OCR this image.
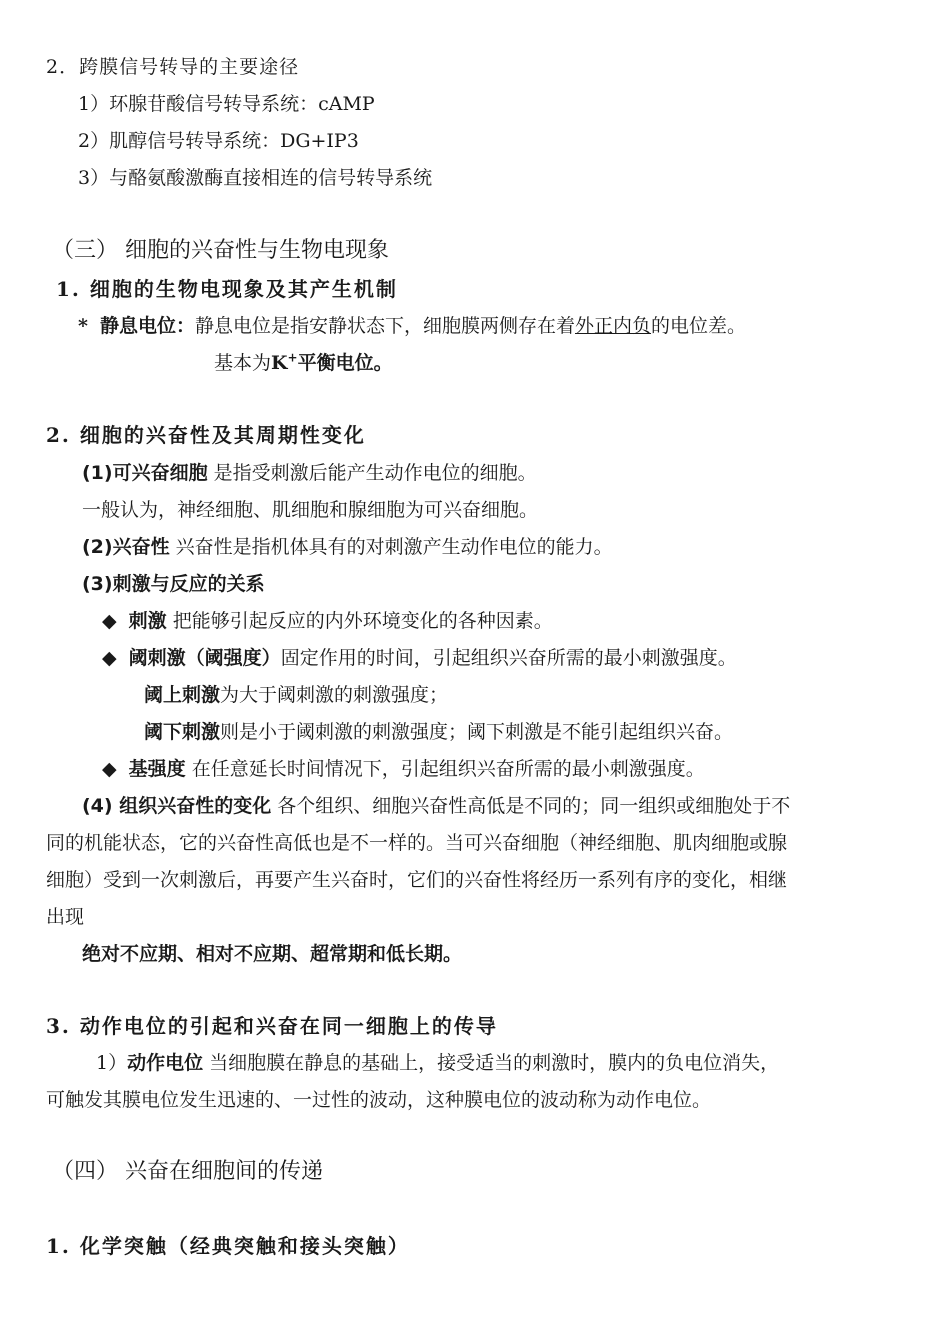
2．跨膜信号转导的主要途径
1）环腺苷酸信号转导系统：cAMP
2）肌醇信号转导系统：DG+IP3
3）与酪氨酸激酶直接相连的信号转导系统
（三） 细胞的兴奋性与生物电现象
1. 细胞的生物电现象及其产生机制
* 静息电位：静息电位是指安静状态下，细胞膜两侧存在着外正内负的电位差。
基本为K+平衡电位。
2. 细胞的兴奋性及其周期性变化
(1)可兴奋细胞 是指受刺激后能产生动作电位的细胞。
一般认为，神经细胞、肌细胞和腺细胞为可兴奋细胞。
(2)兴奋性 兴奋性是指机体具有的对刺激产生动作电位的能力。
(3)刺激与反应的关系
◆ 刺激 把能够引起反应的内外环境变化的各种因素。
◆ 阈刺激（阈强度）固定作用的时间，引起组织兴奋所需的最小刺激强度。
阈上刺激为大于阈刺激的刺激强度；
阈下刺激则是小于阈刺激的刺激强度；阈下刺激是不能引起组织兴奋。
◆ 基强度 在任意延长时间情况下，引起组织兴奋所需的最小刺激强度。
(4) 组织兴奋性的变化 各个组织、细胞兴奋性高低是不同的；同一组织或细胞处于不
同的机能状态，它的兴奋性高低也是不一样的。当可兴奋细胞（神经细胞、肌肉细胞或腺
细胞）受到一次刺激后，再要产生兴奋时，它们的兴奋性将经历一系列有序的变化，相继
出现
绝对不应期、相对不应期、超常期和低长期。
3. 动作电位的引起和兴奋在同一细胞上的传导
1）动作电位 当细胞膜在静息的基础上，接受适当的刺激时，膜内的负电位消失，
可触发其膜电位发生迅速的、一过性的波动，这种膜电位的波动称为动作电位。
（四） 兴奋在细胞间的传递
1. 化学突触（经典突触和接头突触）
